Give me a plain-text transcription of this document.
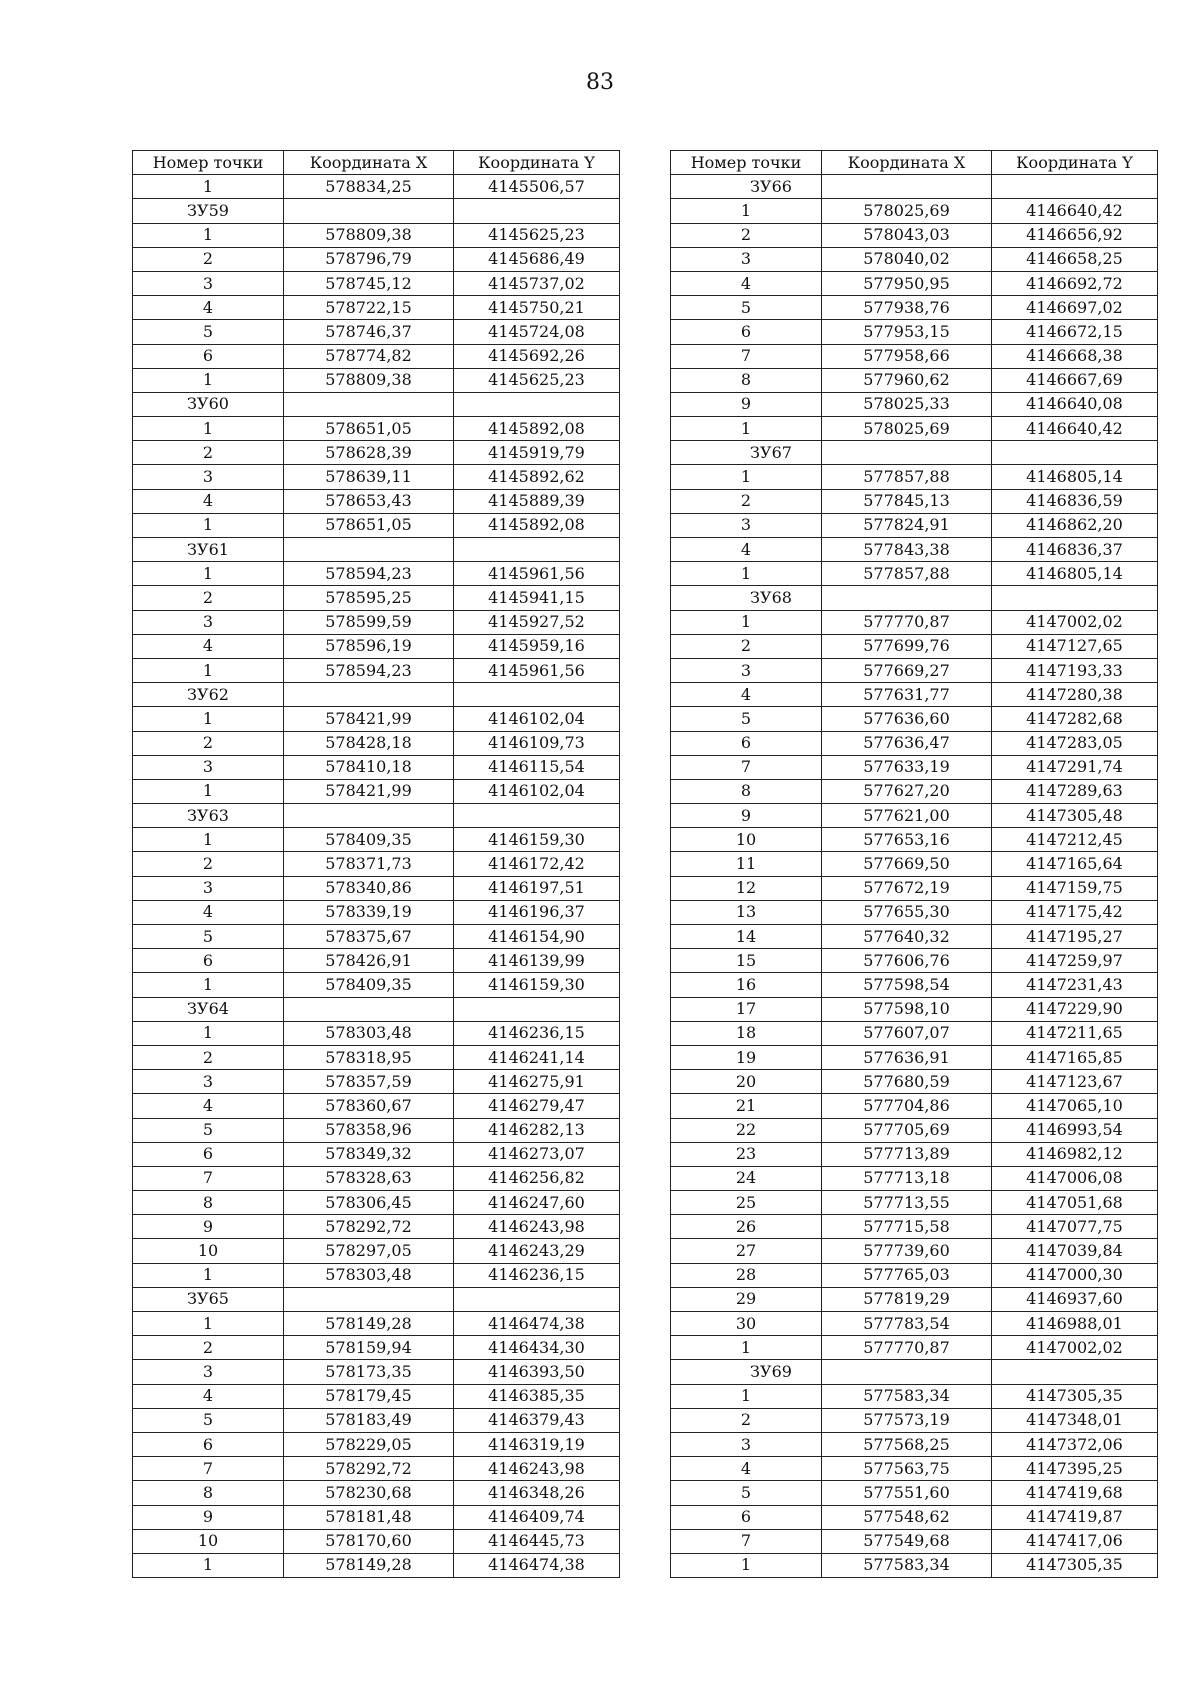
83
Номер точки	Координата X	Координата Y
1	578834,25	4145506,57
ЗУ59		
1	578809,38	4145625,23
2	578796,79	4145686,49
3	578745,12	4145737,02
4	578722,15	4145750,21
5	578746,37	4145724,08
6	578774,82	4145692,26
1	578809,38	4145625,23
ЗУ60		
1	578651,05	4145892,08
2	578628,39	4145919,79
3	578639,11	4145892,62
4	578653,43	4145889,39
1	578651,05	4145892,08
ЗУ61		
1	578594,23	4145961,56
2	578595,25	4145941,15
3	578599,59	4145927,52
4	578596,19	4145959,16
1	578594,23	4145961,56
ЗУ62		
1	578421,99	4146102,04
2	578428,18	4146109,73
3	578410,18	4146115,54
1	578421,99	4146102,04
ЗУ63		
1	578409,35	4146159,30
2	578371,73	4146172,42
3	578340,86	4146197,51
4	578339,19	4146196,37
5	578375,67	4146154,90
6	578426,91	4146139,99
1	578409,35	4146159,30
ЗУ64		
1	578303,48	4146236,15
2	578318,95	4146241,14
3	578357,59	4146275,91
4	578360,67	4146279,47
5	578358,96	4146282,13
6	578349,32	4146273,07
7	578328,63	4146256,82
8	578306,45	4146247,60
9	578292,72	4146243,98
10	578297,05	4146243,29
1	578303,48	4146236,15
ЗУ65		
1	578149,28	4146474,38
2	578159,94	4146434,30
3	578173,35	4146393,50
4	578179,45	4146385,35
5	578183,49	4146379,43
6	578229,05	4146319,19
7	578292,72	4146243,98
8	578230,68	4146348,26
9	578181,48	4146409,74
10	578170,60	4146445,73
1	578149,28	4146474,38
Номер точки	Координата X	Координата Y
ЗУ66		
1	578025,69	4146640,42
2	578043,03	4146656,92
3	578040,02	4146658,25
4	577950,95	4146692,72
5	577938,76	4146697,02
6	577953,15	4146672,15
7	577958,66	4146668,38
8	577960,62	4146667,69
9	578025,33	4146640,08
1	578025,69	4146640,42
ЗУ67		
1	577857,88	4146805,14
2	577845,13	4146836,59
3	577824,91	4146862,20
4	577843,38	4146836,37
1	577857,88	4146805,14
ЗУ68		
1	577770,87	4147002,02
2	577699,76	4147127,65
3	577669,27	4147193,33
4	577631,77	4147280,38
5	577636,60	4147282,68
6	577636,47	4147283,05
7	577633,19	4147291,74
8	577627,20	4147289,63
9	577621,00	4147305,48
10	577653,16	4147212,45
11	577669,50	4147165,64
12	577672,19	4147159,75
13	577655,30	4147175,42
14	577640,32	4147195,27
15	577606,76	4147259,97
16	577598,54	4147231,43
17	577598,10	4147229,90
18	577607,07	4147211,65
19	577636,91	4147165,85
20	577680,59	4147123,67
21	577704,86	4147065,10
22	577705,69	4146993,54
23	577713,89	4146982,12
24	577713,18	4147006,08
25	577713,55	4147051,68
26	577715,58	4147077,75
27	577739,60	4147039,84
28	577765,03	4147000,30
29	577819,29	4146937,60
30	577783,54	4146988,01
1	577770,87	4147002,02
ЗУ69		
1	577583,34	4147305,35
2	577573,19	4147348,01
3	577568,25	4147372,06
4	577563,75	4147395,25
5	577551,60	4147419,68
6	577548,62	4147419,87
7	577549,68	4147417,06
1	577583,34	4147305,35
